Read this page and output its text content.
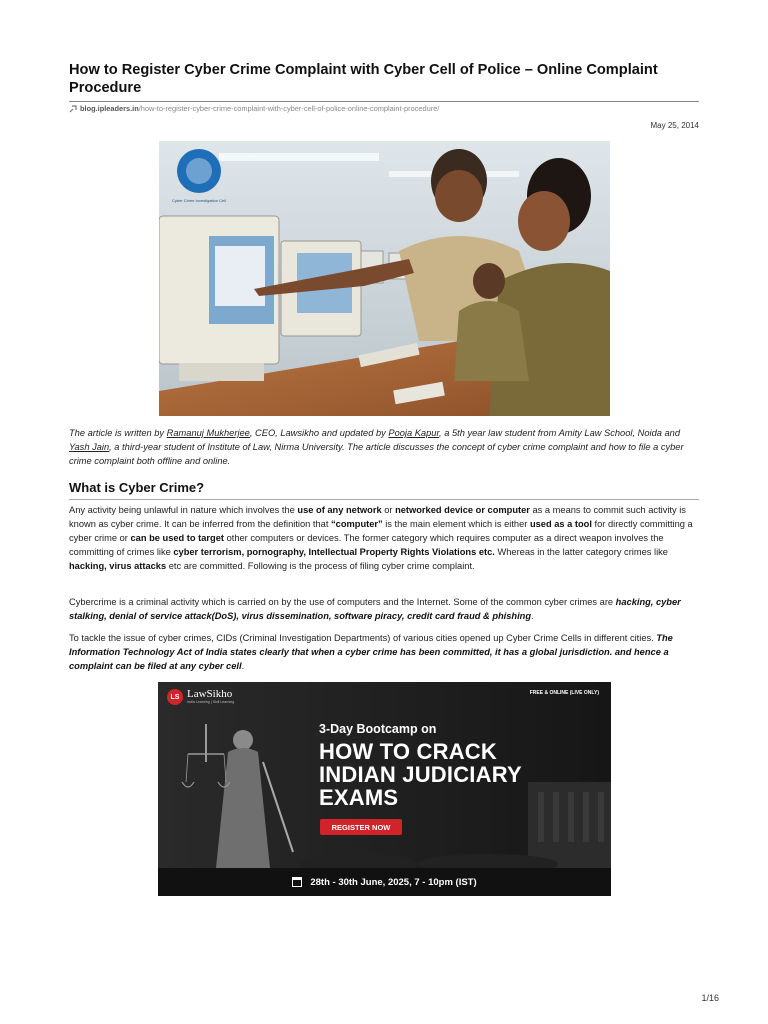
How to Register Cyber Crime Complaint with Cyber Cell of Police – Online Complaint Procedure
blog.ipleaders.in /how-to-register-cyber-crime-complaint-with-cyber-cell-of-police-online-complaint-procedure/
May 25, 2014
Cyber Crime Investigation Cell
The article is written by Ramanuj Mukherjee, CEO, Lawsikho and updated by Pooja Kapur, a 5th year law student from Amity Law School, Noida and Yash Jain, a third-year student of Institute of Law, Nirma University. The article discusses the concept of cyber crime complaint and how to file a cyber crime complaint both offline and online.
What is Cyber Crime?
Any activity being unlawful in nature which involves the use of any network or networked device or computer as a means to commit such activity is known as cyber crime. It can be inferred from the definition that “computer” is the main element which is either used as a tool for directly committing a cyber crime or can be used to target other computers or devices. The former category which requires computer as a direct weapon involves the committing of crimes like cyber terrorism, pornography, Intellectual Property Rights Violations etc. Whereas in the latter category crimes like hacking, virus attacks etc are committed. Following is the process of filing cyber crime complaint.
Cybercrime is a criminal activity which is carried on by the use of computers and the Internet. Some of the common cyber crimes are hacking, cyber stalking, denial of service attack(DoS), virus dissemination, software piracy, credit card fraud & phishing.
To tackle the issue of cyber crimes, CIDs (Criminal Investigation Departments) of various cities opened up Cyber Crime Cells in different cities. The Information Technology Act of India states clearly that when a cyber crime has been committed, it has a global jurisdiction. and hence a complaint can be filed at any cyber cell.
LS LawSikho
India Learning | Skill Learning
FREE & ONLINE (LIVE ONLY)
3-Day Bootcamp on
HOW TO CRACK
INDIAN JUDICIARY
EXAMS
REGISTER NOW
28th - 30th June, 2025, 7 - 10pm (IST)
1/16
